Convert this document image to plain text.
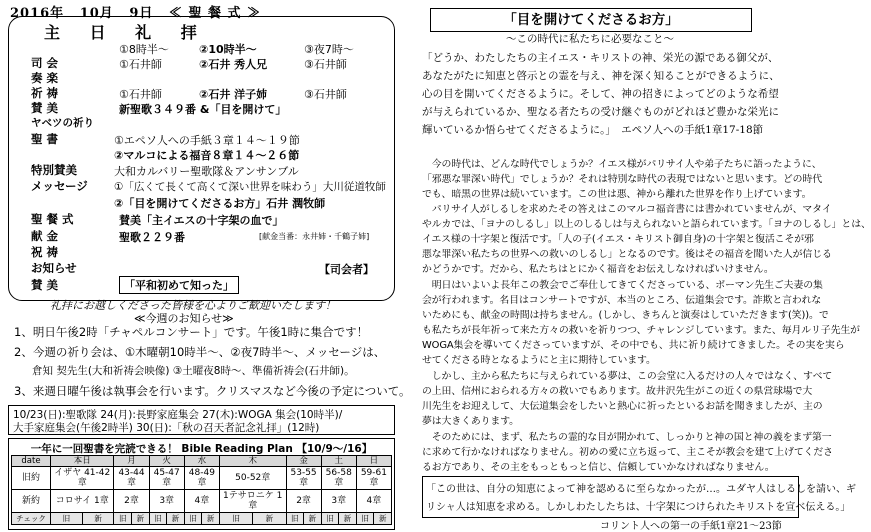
2016年 10月 9日 ≪ 聖 餐 式 ≫
主 日 礼 拝
①8時半～	②10時半～	③夜7時～
司 会	①石井師	②石井 秀人兄	③石井師
奏 楽
祈 祷	①石井師	②石井 洋子姉	③石井師
賛 美	新聖歌３４９番 &「目を開けて」
ヤベツの祈り
聖 書	①エペソ人への手紙３章１４～１９節
②マルコによる福音８章１４～２６節
特別賛美	大和カルバリー聖歌隊＆アンサンブル
メッセージ ①「広くて長くて高くて深い世界を味わう」大川従道牧師
②「目を開けてくださるお方」石井 潤牧師
聖 餐 式	賛美「主イエスの十字架の血で」
献 金	聖歌２２９番	[献金当番：永井姉・千鶴子姉]
祝 祷
お知らせ	【司会者】
賛 美	「平和初めて知った」
礼拝にお越しくださった皆様を心よりご歓迎いたします！
≪今週のお知らせ≫
1、明日午後2時「チャペルコンサート」です。午後1時に集合です！
2、今週の祈り会は、①木曜朝10時半～、②夜7時半～、メッセージは、
倉知 契先生(大和祈祷会映像) ③土曜夜8時～、準備祈祷会(石井師)。
3、来週日曜午後は執事会を行います。クリスマスなど今後の予定について。
10/23(日):聖歌隊 24(月):長野家庭集会 27(木):WOGA 集会(10時半)/
大手家庭集会(午後2時半) 30(日):「秋の召天者記念礼拝」(12時)
一年に一回聖書を完読できる！ Bible Reading Plan 【10/9～/16】
date	本日		月		火		水		木		金		土		日	
旧約	イザヤ 41-42章		43-44章		45-47章		48-49章		50-52章		53-55章		56-58章		59-61章	
新約	コロサイ 1章		2章		3章		4章		1テサロニケ 1章		2章		3章		4章	
チェック	旧	新	旧	新	旧	新	旧	新	旧	新	旧	新	旧	新	旧	新
「目を開けてくださるお方」
～この時代に私たちに必要なこと～
「どうか、わたしたちの主イエス・キリストの神、栄光の源である御父が、
あなたがたに知恵と啓示との霊を与え、神を深く知ることができるように、
心の目を開いてくださるように。そして、神の招きによってどのような希望
が与えられているか、聖なる者たちの受け継ぐものがどれほど豊かな栄光に
輝いているか悟らせてくださるように。」　エペソ人への手紙1章17-18節
　今の時代は、どんな時代でしょうか？イエス様がパリサイ人や弟子たちに語ったように、
「邪悪な罪深い時代」でしょうか？それは特別な時代の表現ではないと思います。どの時代
でも、暗黒の世界は続いています。この世は悪、神から離れた世界を作り上げています。
　パリサイ人がしるしを求めたその答えはこのマルコ福音書には書かれていませんが、マタイ
やルカでは、「ヨナのしるし」以上のしるしは与えられないと語られています。「ヨナのしるし」とは、
イエス様の十字架と復活です。「人の子(イエス・キリスト御自身)の十字架と復活こそが邪
悪な罪深い私たちの世界への救いのしるし」となるのです。後はその福音を聞いた人が信じる
かどうかです。だから、私たちはとにかく福音をお伝えしなければいけません。
　明日はいよいよ長年この教会でご奉仕してきてくださっている、ボーマン先生ご夫妻の集
会が行われます。名目はコンサートですが、本当のところ、伝道集会です。詐欺と言われな
いためにも、献金の時間は持ちません。(しかし、きちんと演奏はしていただきます(笑))。で
も私たちが長年祈って来た方々の救いを祈りつつ、チャレンジしています。また、毎月ルリ子先生が
WOGA集会を導いてくださっていますが、その中でも、共に祈り続けてきました。その実を実ら
せてくださる時となるようにと主に期待しています。
　しかし、主から私たちに与えられている夢は、この会堂に入るだけの人々ではなく、すべて
の上田、信州におられる方々の救いでもあります。故井沢先生がこの近くの県営球場で大
川先生をお迎えして、大伝道集会をしたいと熱心に祈ったといるお話を聞きましたが、主の
夢は大きくあります。
　そのためには、まず、私たちの霊的な目が開かれて、しっかりと神の国と神の義をまず第一
に求めて行かなければなりません。初めの愛に立ち返って、主こそが教会を建て上げてくださ
るお方であり、その主をもっともっと信じ、信頼していかなければなりません。
「この世は、自分の知恵によって神を認めるに至らなかったが…。ユダヤ人はしるしを請い、ギ
リシャ人は知恵を求める。しかしわたしたちは、十字架につけられたキリストを宣べ伝える。」
コリント人への第一の手紙1章21～23節
